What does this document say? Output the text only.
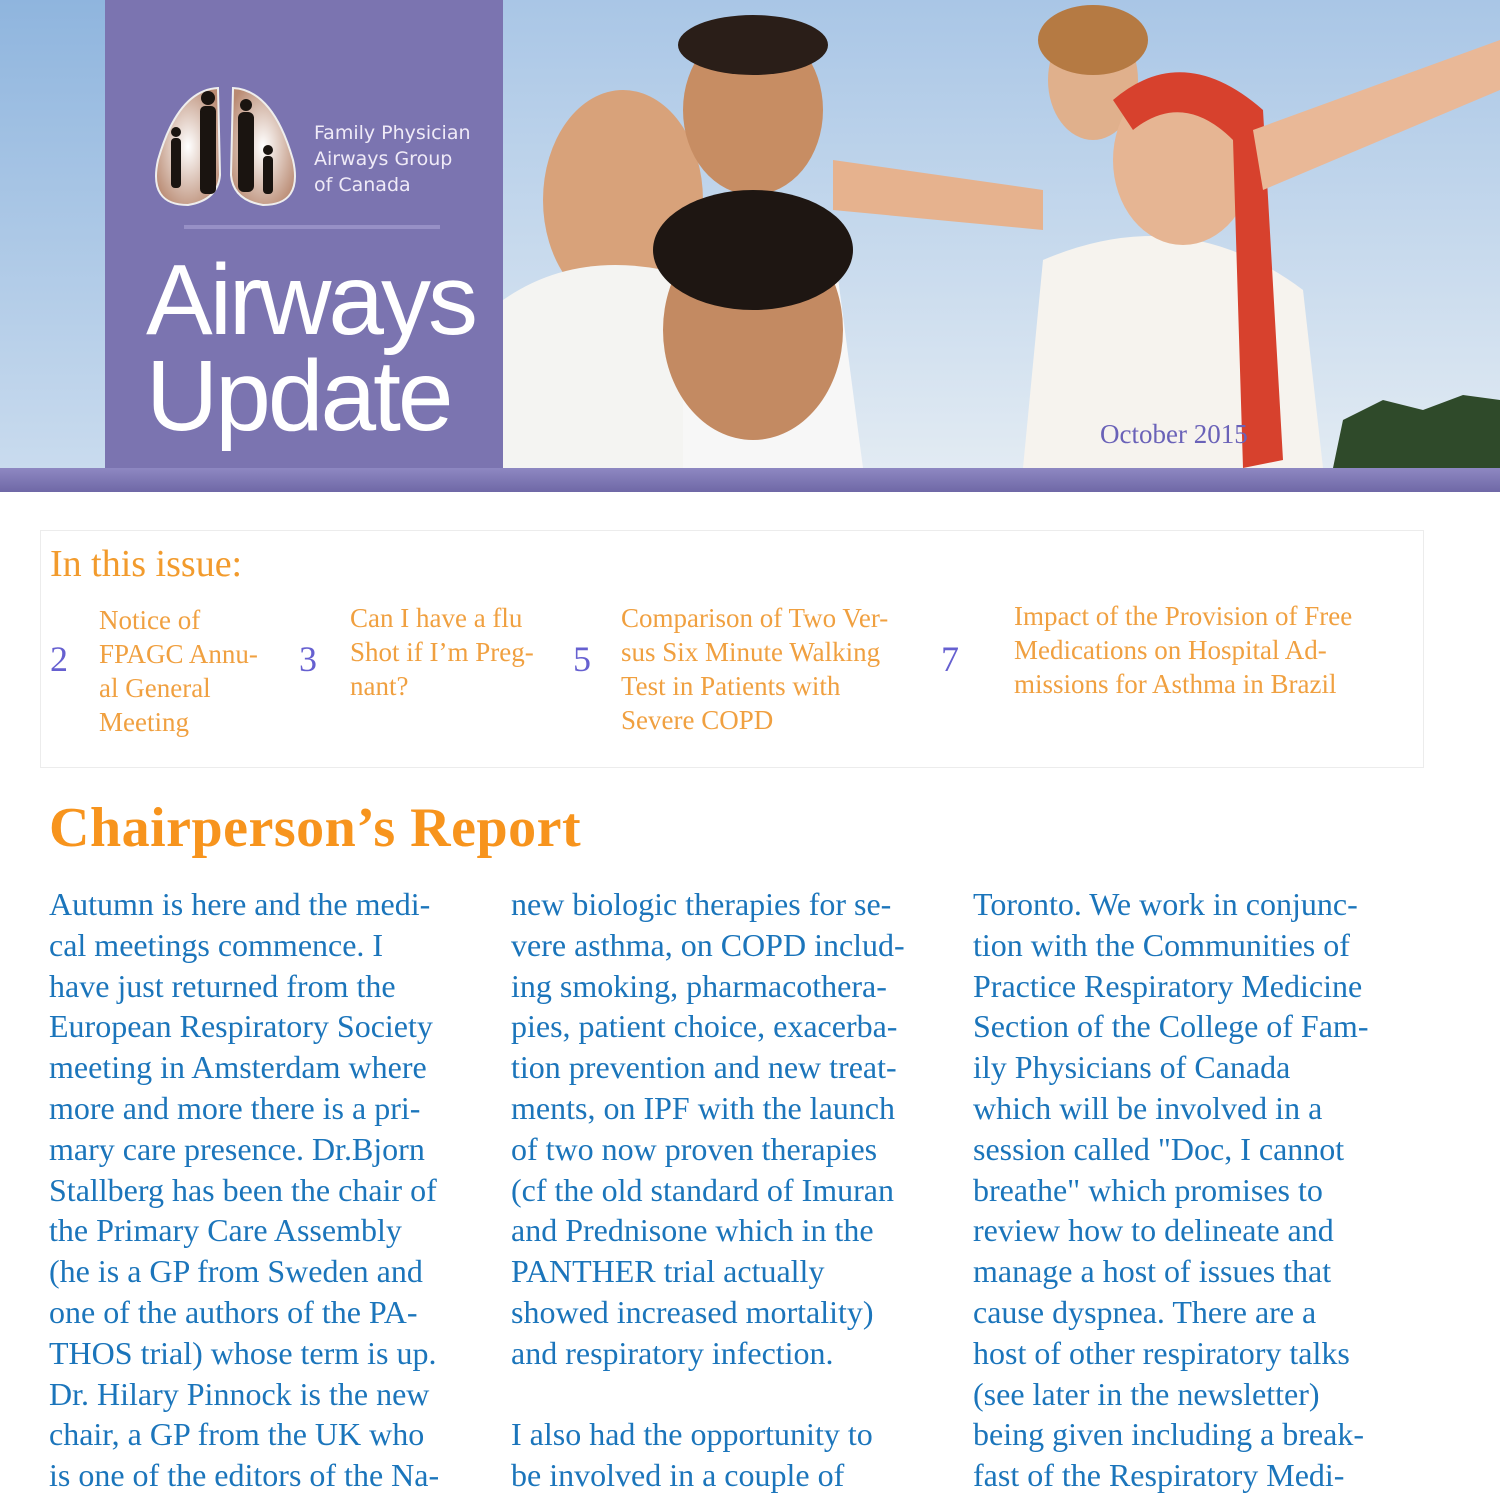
October 2015
Family Physician
Airways Group
of Canada
Airways
Update
In this issue:
2
Notice of
FPAGC Annu-
al General
Meeting
3
Can I have a flu
Shot if I’m Preg-
nant?
5
Comparison of Two Ver-
sus Six Minute Walking
Test in Patients with
Severe COPD
7
Impact of the Provision of Free
Medications on Hospital Ad-
missions for Asthma in Brazil
Chairperson’s Report
Autumn is here and the medi-
cal meetings commence. I
have just returned from the
European Respiratory Society
meeting in Amsterdam where
more and more there is a pri-
mary care presence. Dr.Bjorn
Stallberg has been the chair of
the Primary Care Assembly
(he is a GP from Sweden and
one of the authors of the PA-
THOS trial) whose term is up.
Dr. Hilary Pinnock is the new
chair, a GP from the UK who
is one of the editors of the Na-
new biologic therapies for se-
vere asthma, on COPD includ-
ing smoking, pharmacothera-
pies, patient choice, exacerba-
tion prevention and new treat-
ments, on IPF with the launch
of two now proven therapies
(cf the old standard of Imuran
and Prednisone which in the
PANTHER trial actually
showed increased mortality)
and respiratory infection.
I also had the opportunity to
be involved in a couple of
Toronto. We work in conjunc-
tion with the Communities of
Practice Respiratory Medicine
Section of the College of Fam-
ily Physicians of Canada
which will be involved in a
session called "Doc, I cannot
breathe" which promises to
review how to delineate and
manage a host of issues that
cause dyspnea. There are a
host of other respiratory talks
(see later in the newsletter)
being given including a break-
fast of the Respiratory Medi-
